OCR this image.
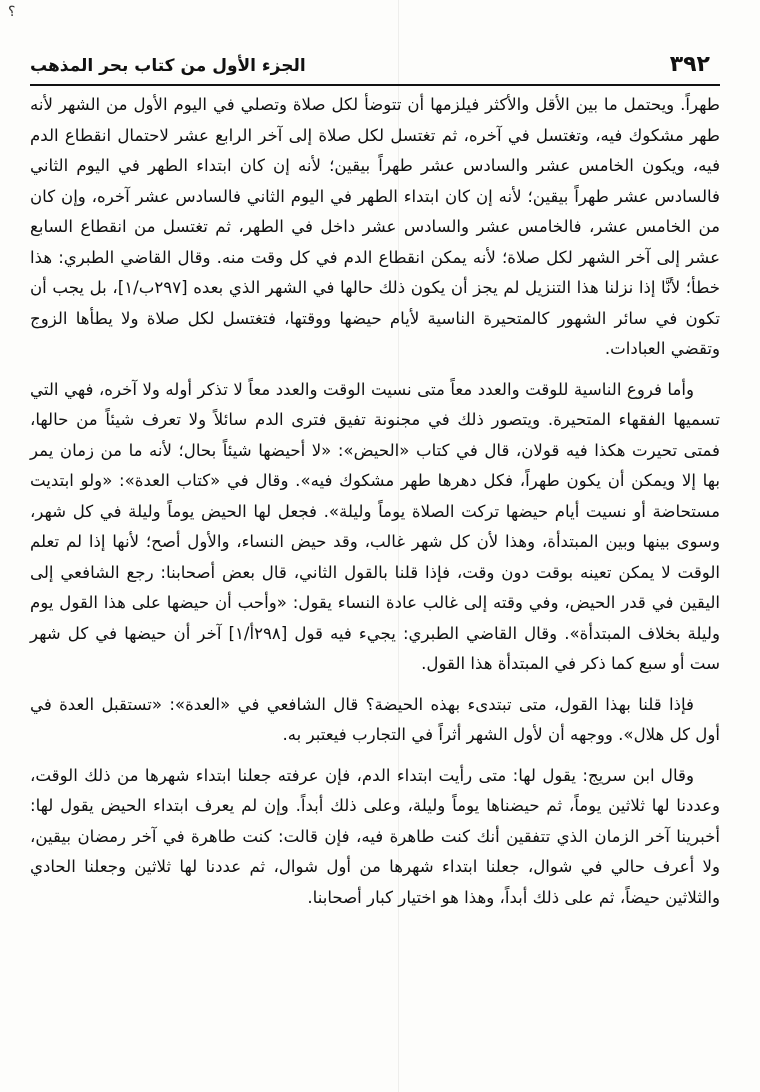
؟
٣٩٢
الجزء الأول من كتاب بحر المذهب

طهراً. ويحتمل ما بين الأقل والأكثر فيلزمها أن تتوضأ لكل صلاة وتصلي في اليوم الأول من الشهر لأنه طهر مشكوك فيه، وتغتسل في آخره، ثم تغتسل لكل صلاة إلى آخر الرابع عشر لاحتمال انقطاع الدم فيه، ويكون الخامس عشر والسادس عشر طهراً بيقين؛ لأنه إن كان ابتداء الطهر في اليوم الثاني فالسادس عشر طهراً بيقين؛ لأنه إن كان ابتداء الطهر في اليوم الثاني فالسادس عشر آخره، وإن كان من الخامس عشر، فالخامس عشر والسادس عشر داخل في الطهر، ثم تغتسل من انقطاع السابع عشر إلى آخر الشهر لكل صلاة؛ لأنه يمكن انقطاع الدم في كل وقت منه. وقال القاضي الطبري: هذا خطأ؛ لأنَّا إذا نزلنا هذا التنزيل لم يجز أن يكون ذلك حالها في الشهر الذي بعده [٢٩٧ب/١]، بل يجب أن تكون في سائر الشهور كالمتحيرة الناسية لأيام حيضها ووقتها، فتغتسل لكل صلاة ولا يطأها الزوج وتقضي العبادات.

وأما فروع الناسية للوقت والعدد معاً متى نسيت الوقت والعدد معاً لا تذكر أوله ولا آخره، فهي التي تسميها الفقهاء المتحيرة. ويتصور ذلك في مجنونة تفيق فترى الدم سائلاً ولا تعرف شيئاً من حالها، فمتى تحيرت هكذا فيه قولان، قال في كتاب «الحيض»: «لا أحيضها شيئاً بحال؛ لأنه ما من زمان يمر بها إلا ويمكن أن يكون طهراً، فكل دهرها طهر مشكوك فيه». وقال في «كتاب العدة»: «ولو ابتديت مستحاضة أو نسيت أيام حيضها تركت الصلاة يوماً وليلة». فجعل لها الحيض يوماً وليلة في كل شهر، وسوى بينها وبين المبتدأة، وهذا لأن كل شهر غالب، وقد حيض النساء، والأول أصح؛ لأنها إذا لم تعلم الوقت لا يمكن تعينه بوقت دون وقت، فإذا قلنا بالقول الثاني، قال بعض أصحابنا: رجع الشافعي إلى اليقين في قدر الحيض، وفي وقته إلى غالب عادة النساء يقول: «وأحب أن حيضها على هذا القول يوم وليلة بخلاف المبتدأة». وقال القاضي الطبري: يجيء فيه قول [٢٩٨أ/١] آخر أن حيضها في كل شهر ست أو سبع كما ذكر في المبتدأة هذا القول.

فإذا قلنا بهذا القول، متى تبتدىء بهذه الحيضة؟ قال الشافعي في «العدة»: «تستقبل العدة في أول كل هلال». ووجهه أن لأول الشهر أثراً في التجارب فيعتبر به.

وقال ابن سريج: يقول لها: متى رأيت ابتداء الدم، فإن عرفته جعلنا ابتداء شهرها من ذلك الوقت، وعددنا لها ثلاثين يوماً، ثم حيضناها يوماً وليلة، وعلى ذلك أبداً. وإن لم يعرف ابتداء الحيض يقول لها: أخبرينا آخر الزمان الذي تتفقين أنك كنت طاهرة فيه، فإن قالت: كنت طاهرة في آخر رمضان بيقين، ولا أعرف حالي في شوال، جعلنا ابتداء شهرها من أول شوال، ثم عددنا لها ثلاثين وجعلنا الحادي والثلاثين حيضاً، ثم على ذلك أبداً، وهذا هو اختيار كبار أصحابنا.
